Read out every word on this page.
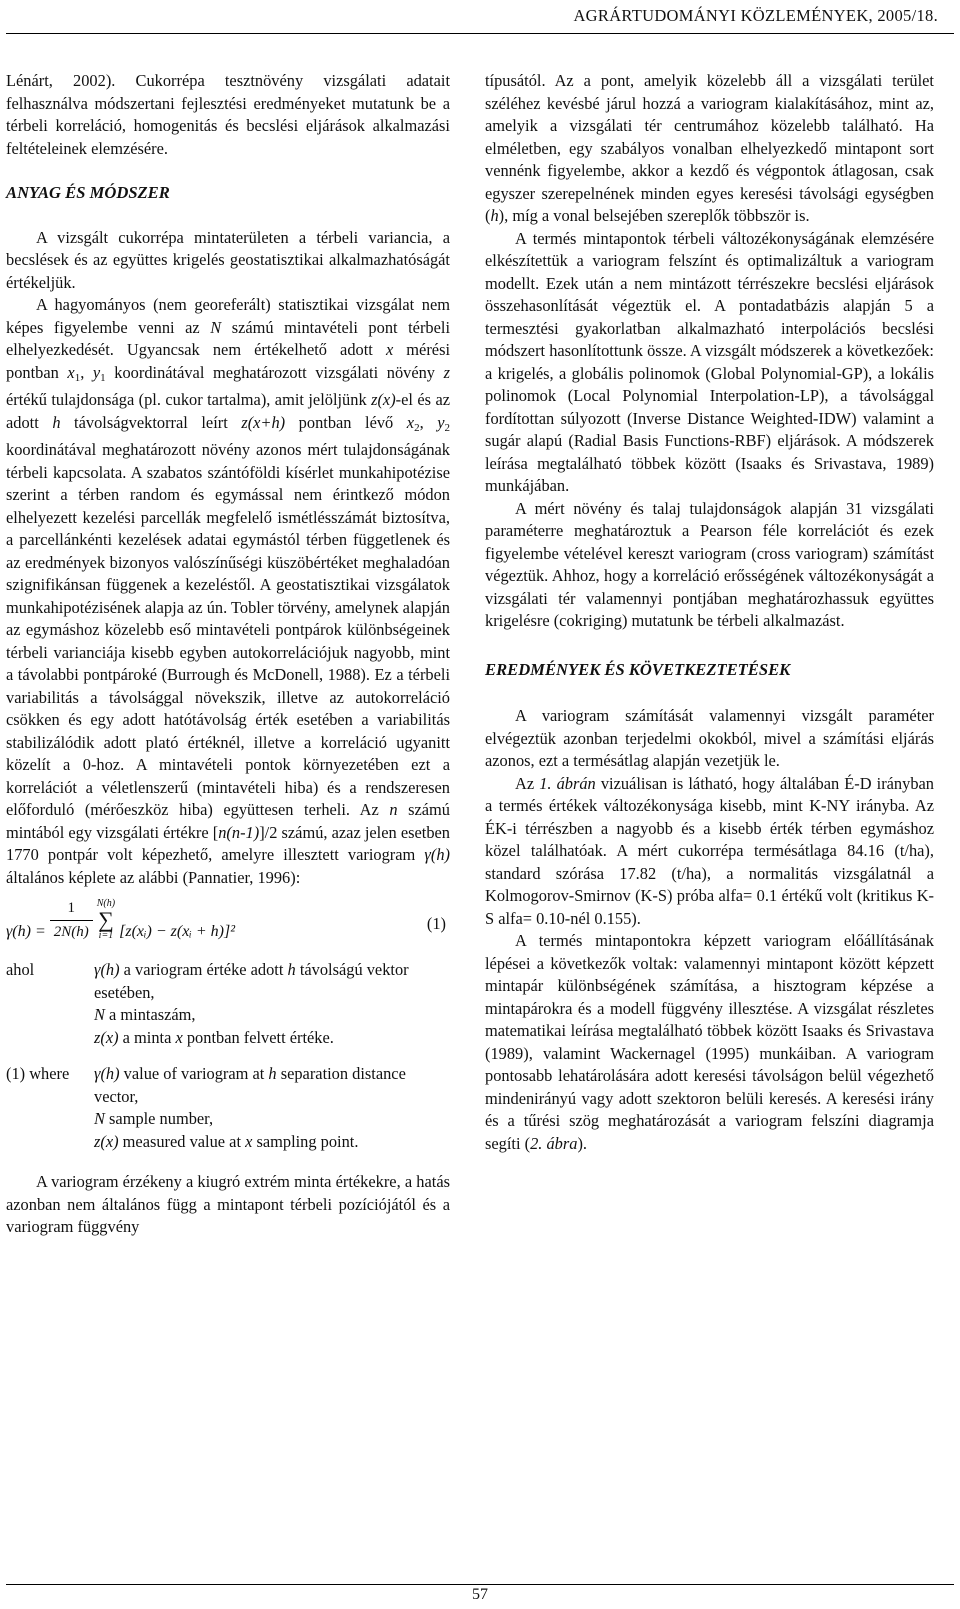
AGRÁRTUDOMÁNYI KÖZLEMÉNYEK, 2005/18.

Lénárt, 2002). Cukorrépa tesztnövény vizsgálati adatait felhasználva módszertani fejlesztési eredményeket mutatunk be a térbeli korreláció, homogenitás és becslési eljárások alkalmazási feltételeinek elemzésére.

ANYAG ÉS MÓDSZER

A vizsgált cukorrépa mintaterületen a térbeli variancia, a becslések és az együttes krigelés geostatisztikai alkalmazhatóságát értékeljük.

A hagyományos (nem georeferált) statisztikai vizsgálat nem képes figyelembe venni az N számú mintavételi pont térbeli elhelyezkedését. Ugyancsak nem értékelhető adott x mérési pontban $x_1$, $y_1$ koordinátával meghatározott vizsgálati növény z értékű tulajdonsága (pl. cukor tartalma), amit jelöljünk z(x)-el és az adott h távolságvektorral leírt z(x+h) pontban lévő $x_2$, $y_2$ koordinátával meghatározott növény azonos mért tulajdonságának térbeli kapcsolata. A szabatos szántóföldi kísérlet munkahipotézise szerint a térben random és egymással nem érintkező módon elhelyezett kezelési parcellák megfelelő ismétlésszámát biztosítva, a parcellánkénti kezelések adatai egymástól térben függetlenek és az eredmények bizonyos valószínűségi küszöbértéket meghaladóan szignifikánsan függenek a kezeléstől. A geostatisztikai vizsgálatok munkahipotézisének alapja az ún. Tobler törvény, amelynek alapján az egymáshoz közelebb eső mintavételi pontpárok különbségeinek térbeli varianciája kisebb egyben autokorrelációjuk nagyobb, mint a távolabbi pontpároké (Burrough és McDonell, 1988). Ez a térbeli variabilitás a távolsággal növekszik, illetve az autokorreláció csökken és egy adott hatótávolság érték esetében a variabilitás stabilizálódik adott plató értéknél, illetve a korreláció ugyanitt közelít a 0-hoz. A mintavételi pontok környezetében ezt a korrelációt a véletlenszerű (mintavételi hiba) és a rendszeresen előforduló (mérőeszköz hiba) együttesen terheli. Az n számú mintából egy vizsgálati értékre [n(n-1)]/2 számú, azaz jelen esetben 1770 pontpár volt képezhető, amelyre illesztett variogram γ(h) általános képlete az alábbi (Pannatier, 1996):

$\gamma(h) = \frac{1}{2N(h)}$
N(h)
∑
i=1 [z(xᵢ) − z(xᵢ + h)]²	(1)
ahol	γ(h) a variogram értéke adott h távolságú vektor esetében,
N a mintaszám,
z(x) a minta x pontban felvett értéke.
(1) where	γ(h) value of variogram at h separation distance vector,
N sample number,
z(x) measured value at x sampling point.

A variogram érzékeny a kiugró extrém minta értékekre, a hatás azonban nem általános függ a mintapont térbeli pozíciójától és a variogram függvény

típusától. Az a pont, amelyik közelebb áll a vizsgálati terület széléhez kevésbé járul hozzá a variogram kialakításához, mint az, amelyik a vizsgálati tér centrumához közelebb található. Ha elméletben, egy szabályos vonalban elhelyezkedő mintapont sort vennénk figyelembe, akkor a kezdő és végpontok átlagosan, csak egyszer szerepelnének minden egyes keresési távolsági egységben (h), míg a vonal belsejében szereplők többször is.

A termés mintapontok térbeli változékonyságának elemzésére elkészítettük a variogram felszínt és optimalizáltuk a variogram modellt. Ezek után a nem mintázott térrészekre becslési eljárások összehasonlítását végeztük el. A pontadatbázis alapján 5 a termesztési gyakorlatban alkalmazható interpolációs becslési módszert hasonlítottunk össze. A vizsgált módszerek a következőek: a krigelés, a globális polinomok (Global Polynomial-GP), a lokális polinomok (Local Polynomial Interpolation-LP), a távolsággal fordítottan súlyozott (Inverse Distance Weighted-IDW) valamint a sugár alapú (Radial Basis Functions-RBF) eljárások. A módszerek leírása megtalálható többek között (Isaaks és Srivastava, 1989) munkájában.

A mért növény és talaj tulajdonságok alapján 31 vizsgálati paraméterre meghatároztuk a Pearson féle korrelációt és ezek figyelembe vételével kereszt variogram (cross variogram) számítást végeztük. Ahhoz, hogy a korreláció erősségének változékonyságát a vizsgálati tér valamennyi pontjában meghatározhassuk együttes krigelésre (cokriging) mutatunk be térbeli alkalmazást.

EREDMÉNYEK ÉS KÖVETKEZTETÉSEK

A variogram számítását valamennyi vizsgált paraméter elvégeztük azonban terjedelmi okokból, mivel a számítási eljárás azonos, ezt a termésátlag alapján vezetjük le.

Az 1. ábrán vizuálisan is látható, hogy általában É-D irányban a termés értékek változékonysága kisebb, mint K-NY irányba. Az ÉK-i térrészben a nagyobb és a kisebb érték térben egymáshoz közel találhatóak. A mért cukorrépa termésátlaga 84.16 (t/ha), standard szórása 17.82 (t/ha), a normalitás vizsgálatnál a Kolmogorov-Smirnov (K-S) próba alfa= 0.1 értékű volt (kritikus K-S alfa= 0.10-nél 0.155).

A termés mintapontokra képzett variogram előállításának lépései a következők voltak: valamennyi mintapont között képzett mintapár különbségének számítása, a hisztogram képzése a mintapárokra és a modell függvény illesztése. A vizsgálat részletes matematikai leírása megtalálható többek között Isaaks és Srivastava (1989), valamint Wackernagel (1995) munkáiban. A variogram pontosabb lehatárolására adott keresési távolságon belül végezhető mindenirányú vagy adott szektoron belüli keresés. A keresési irány és a tűrési szög meghatározását a variogram felszíni diagramja segíti (2. ábra).

57
